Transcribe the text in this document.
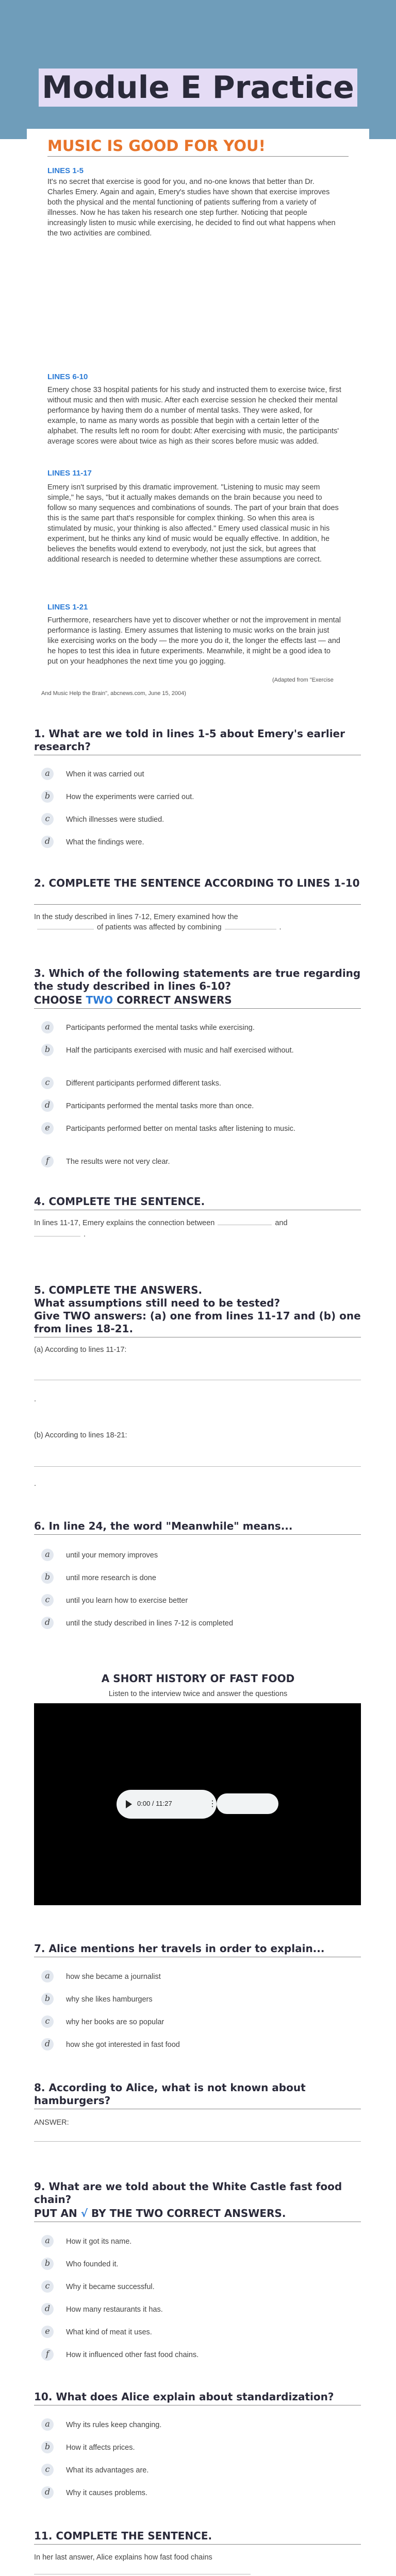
Module E Practice
MUSIC IS GOOD FOR YOU!
LINES 1-5
It's no secret that exercise is good for you, and no-one knows that better than Dr. Charles Emery. Again and again, Emery's studies have shown that exercise improves both the physical and the mental functioning of patients suffering from a variety of illnesses. Now he has taken his research one step further. Noticing that people increasingly listen to music while exercising, he decided to find out what happens when the two activities are combined.
LINES 6-10
Emery chose 33 hospital patients for his study and instructed them to exercise twice, first without music and then with music. After each exercise session he checked their mental performance by having them do a number of mental tasks. They were asked, for example, to name as many words as possible that begin with a certain letter of the alphabet. The results left no room for doubt: After exercising with music, the participants' average scores were about twice as high as their scores before music was added.
LINES 11-17
Emery isn't surprised by this dramatic improvement. "Listening to music may seem simple," he says, "but it actually makes demands on the brain because you need to follow so many sequences and combinations of sounds. The part of your brain that does this is the same part that's responsible for complex thinking. So when this area is stimulated by music, your thinking is also affected." Emery used classical music in his experiment, but he thinks any kind of music would be equally effective. In addition, he believes the benefits would extend to everybody, not just the sick, but agrees that additional research is needed to determine whether these assumptions are correct.
LINES 1-21
Furthermore, researchers have yet to discover whether or not the improvement in mental performance is lasting. Emery assumes that listening to music works on the brain just like exercising works on the body — the more you do it, the longer the effects last — and he hopes to test this idea in future experiments. Meanwhile, it might be a good idea to put on your headphones the next time you go jogging.
(Adapted from "Exercise
And Music Help the Brain", abcnews.com, June 15, 2004)
1. What are we told in lines 1-5 about Emery's earlier research?
a	When it was carried out
b	How the experiments were carried out.
c	Which illnesses were studied.
d	What the findings were.
2. COMPLETE THE SENTENCE ACCORDING TO LINES 1-10
In the study described in lines 7-12, Emery examined how the
of patients was affected by combining	.
3. Which of the following statements are true regarding the study described in lines 6-10?
CHOOSE TWO CORRECT ANSWERS
a	Participants performed the mental tasks while exercising.
b	Half the participants exercised with music and half exercised without.
c	Different participants performed different tasks.
d	Participants performed the mental tasks more than once.
e	Participants performed better on mental tasks after listening to music.
f	The results were not very clear.
4. COMPLETE THE SENTENCE.
In lines 11-17, Emery explains the connection between	and
.
5. COMPLETE THE ANSWERS.
What assumptions still need to be tested?
Give TWO answers: (a) one from lines 11-17 and (b) one from lines 18-21.
(a) According to lines 11-17:
.
(b) According to lines 18-21:
.
6. In line 24, the word "Meanwhile" means...
a	until your memory improves
b	until more research is done
c	until you learn how to exercise better
d	until the study described in lines 7-12 is completed
A SHORT HISTORY OF FAST FOOD
Listen to the interview twice and answer the questions
0:00 / 11:27	⋮
7. Alice mentions her travels in order to explain...
a	how she became a journalist
b	why she likes hamburgers
c	why her books are so popular
d	how she got interested in fast food
8. According to Alice, what is not known about hamburgers?
ANSWER:
9. What are we told about the White Castle fast food chain?
PUT AN √ BY THE TWO CORRECT ANSWERS.
a	How it got its name.
b	Who founded it.
c	Why it became successful.
d	How many restaurants it has.
e	What kind of meat it uses.
f	How it influenced other fast food chains.
10. What does Alice explain about standardization?
a	Why its rules keep changing.
b	How it affects prices.
c	What its advantages are.
d	Why it causes problems.
11. COMPLETE THE SENTENCE.
In her last answer, Alice explains how fast food chains
